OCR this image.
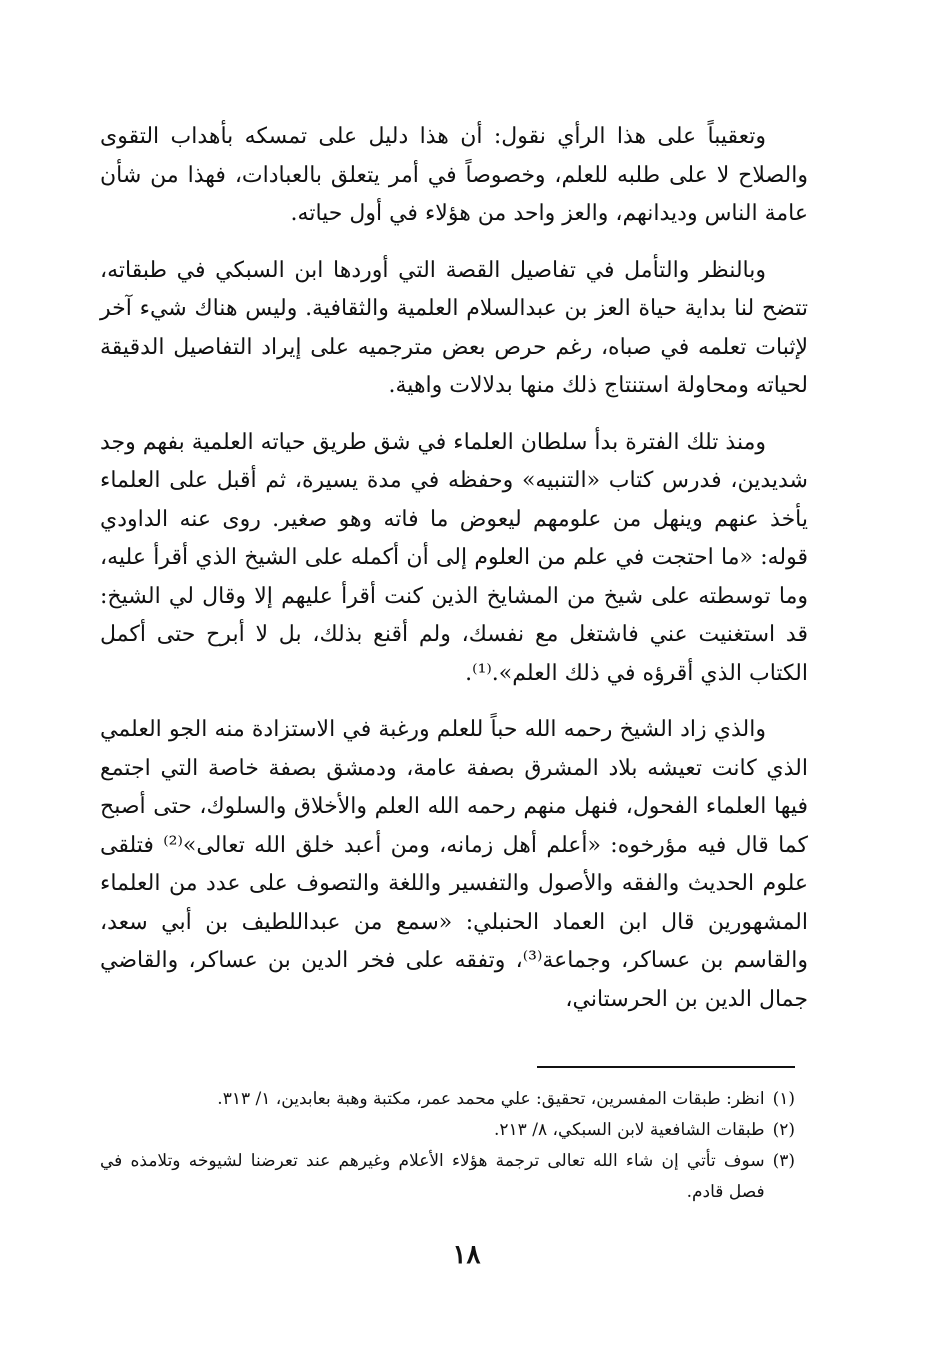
وتعقيباً على هذا الرأي نقول: أن هذا دليل على تمسكه بأهداب التقوى والصلاح لا على طلبه للعلم، وخصوصاً في أمر يتعلق بالعبادات، فهذا من شأن عامة الناس وديدانهم، والعز واحد من هؤلاء في أول حياته.

وبالنظر والتأمل في تفاصيل القصة التي أوردها ابن السبكي في طبقاته، تتضح لنا بداية حياة العز بن عبدالسلام العلمية والثقافية. وليس هناك شيء آخر لإثبات تعلمه في صباه، رغم حرص بعض مترجميه على إيراد التفاصيل الدقيقة لحياته ومحاولة استنتاج ذلك منها بدلالات واهية.

ومنذ تلك الفترة بدأ سلطان العلماء في شق طريق حياته العلمية بفهم وجد شديدين، فدرس كتاب «التنبيه» وحفظه في مدة يسيرة، ثم أقبل على العلماء يأخذ عنهم وينهل من علومهم ليعوض ما فاته وهو صغير. روى عنه الداودي قوله: «ما احتجت في علم من العلوم إلى أن أكمله على الشيخ الذي أقرأ عليه، وما توسطته على شيخ من المشايخ الذين كنت أقرأ عليهم إلا وقال لي الشيخ: قد استغنيت عني فاشتغل مع نفسك، ولم أقنع بذلك، بل لا أبرح حتى أكمل الكتاب الذي أقرؤه في ذلك العلم».⁽¹⁾.

والذي زاد الشيخ رحمه الله حباً للعلم ورغبة في الاستزادة منه الجو العلمي الذي كانت تعيشه بلاد المشرق بصفة عامة، ودمشق بصفة خاصة التي اجتمع فيها العلماء الفحول، فنهل منهم رحمه الله العلم والأخلاق والسلوك، حتى أصبح كما قال فيه مؤرخوه: «أعلم أهل زمانه، ومن أعبد خلق الله تعالى»⁽²⁾ فتلقى علوم الحديث والفقه والأصول والتفسير واللغة والتصوف على عدد من العلماء المشهورين قال ابن العماد الحنبلي: «سمع من عبداللطيف بن أبي سعد، والقاسم بن عساكر، وجماعة⁽³⁾، وتفقه على فخر الدين بن عساكر، والقاضي جمال الدين بن الحرستاني،

(١)
انظر: طبقات المفسرين، تحقيق: علي محمد عمر، مكتبة وهبة بعابدين، ١/ ٣١٣.
(٢)
طبقات الشافعية لابن السبكي، ٨/ ٢١٣.
(٣)
سوف تأتي إن شاء الله تعالى ترجمة هؤلاء الأعلام وغيرهم عند تعرضنا لشيوخه وتلامذه في فصل قادم.
١٨
